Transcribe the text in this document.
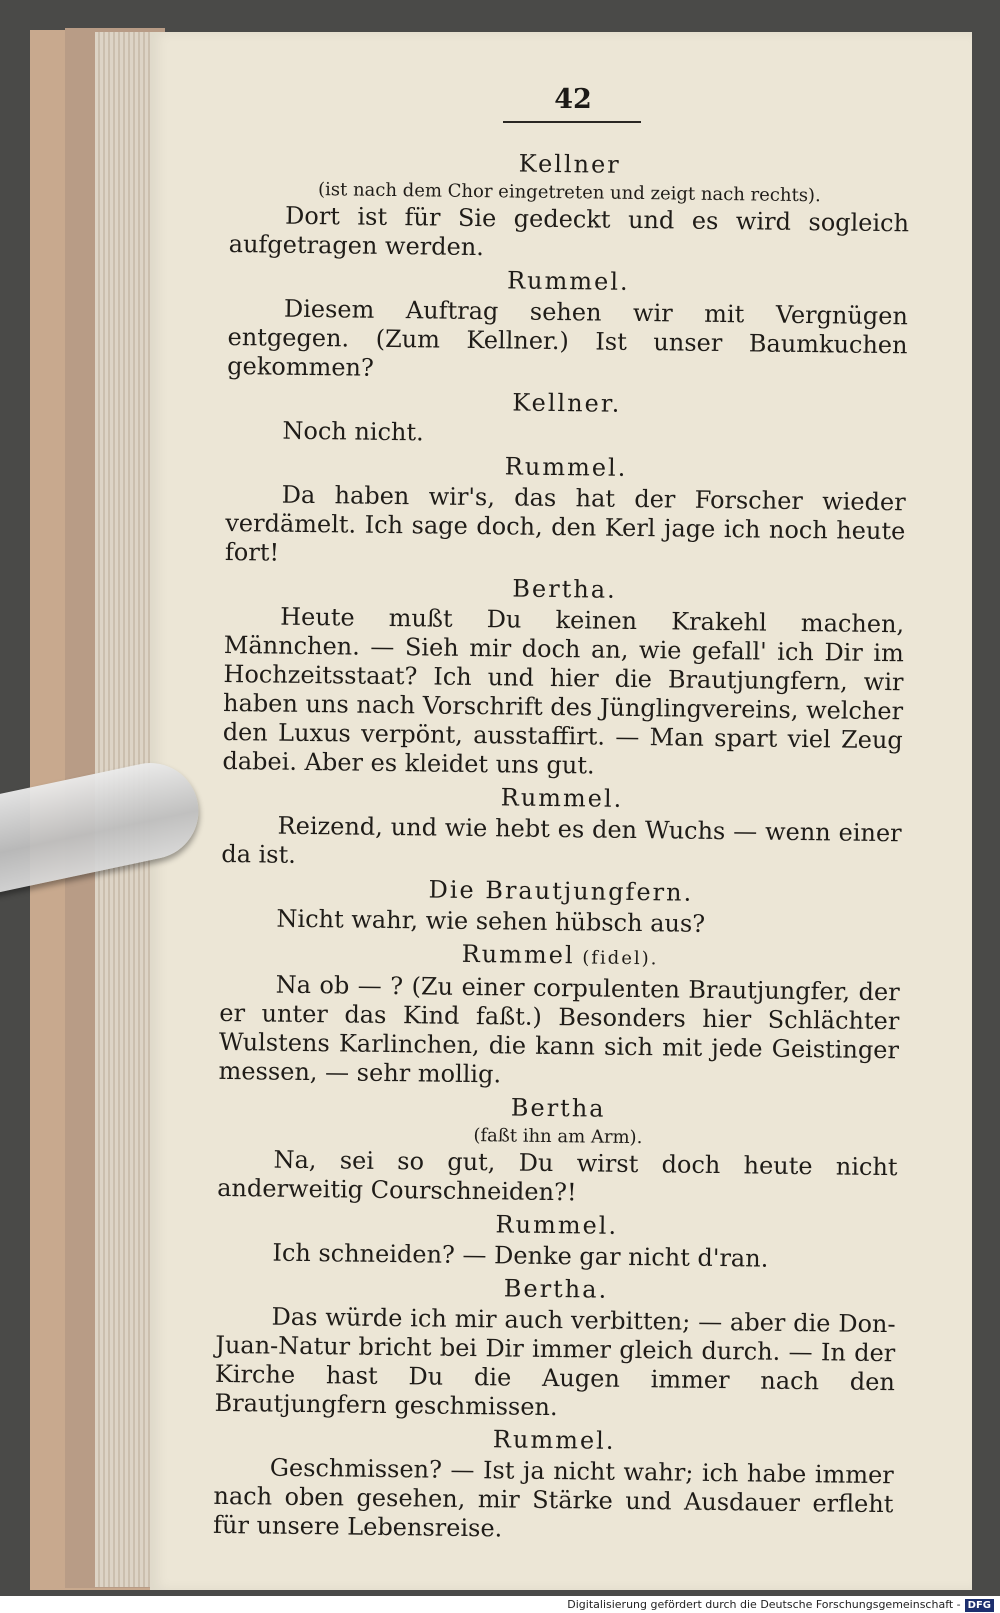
42
Kellner
(ist nach dem Chor eingetreten und zeigt nach rechts).

Dort ist für Sie gedeckt und es wird sogleich aufgetragen werden.

Rummel.

Diesem Auftrag sehen wir mit Vergnügen entgegen. (Zum Kellner.) Ist unser Baumkuchen gekommen?

Kellner.

Noch nicht.

Rummel.

Da haben wir's, das hat der Forscher wieder verdämelt. Ich sage doch, den Kerl jage ich noch heute fort!

Bertha.

Heute mußt Du keinen Krakehl machen, Männchen. — Sieh mir doch an, wie gefall' ich Dir im Hochzeitsstaat? Ich und hier die Brautjungfern, wir haben uns nach Vorschrift des Jünglingvereins, welcher den Luxus verpönt, ausstaffirt. — Man spart viel Zeug dabei. Aber es kleidet uns gut.

Rummel.

Reizend, und wie hebt es den Wuchs — wenn einer da ist.

Die Brautjungfern.

Nicht wahr, wie sehen hübsch aus?

Rummel (fidel).

Na ob — ? (Zu einer corpulenten Brautjungfer, der er unter das Kind faßt.) Besonders hier Schlächter Wulstens Karlinchen, die kann sich mit jede Geistinger messen, — sehr mollig.

Bertha
(faßt ihn am Arm).

Na, sei so gut, Du wirst doch heute nicht anderweitig Courschneiden?!

Rummel.

Ich schneiden? — Denke gar nicht d'ran.

Bertha.

Das würde ich mir auch verbitten; — aber die Don-Juan-Natur bricht bei Dir immer gleich durch. — In der Kirche hast Du die Augen immer nach den Brautjungfern geschmissen.

Rummel.

Geschmissen? — Ist ja nicht wahr; ich habe immer nach oben gesehen, mir Stärke und Ausdauer erfleht für unsere Lebensreise.

Digitalisierung gefördert durch die Deutsche Forschungsgemeinschaft - DFG
